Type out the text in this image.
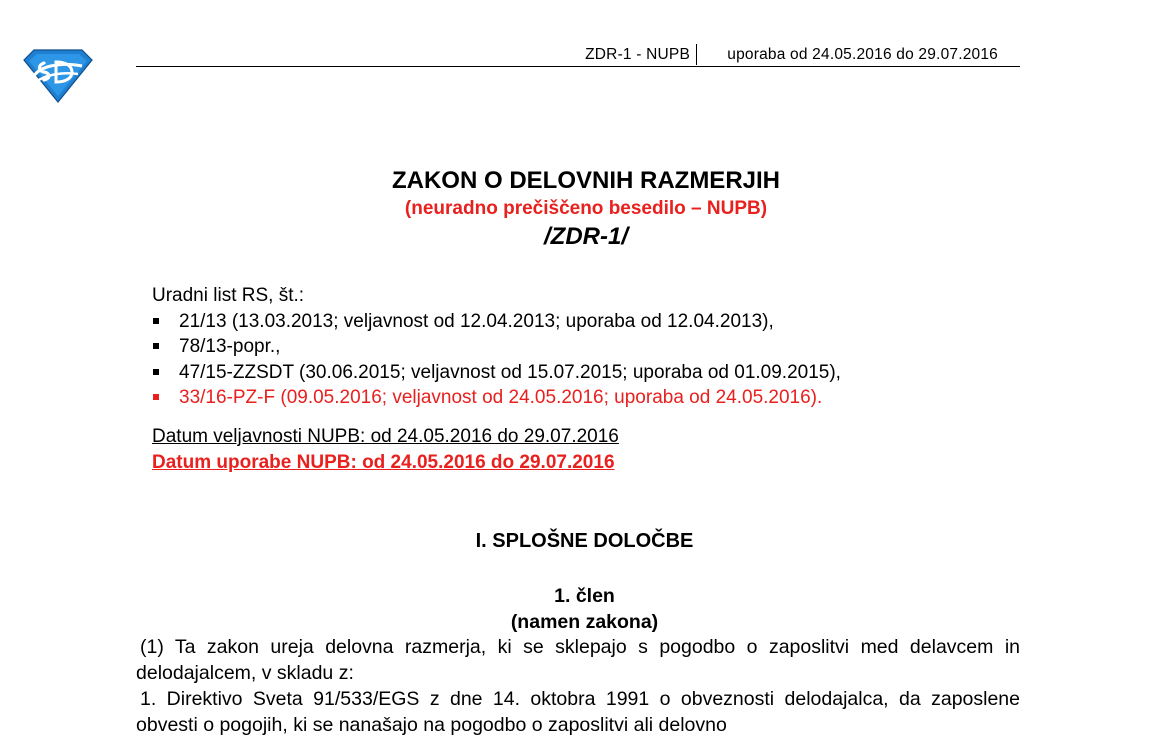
ZDR-1 - NUPB uporaba od 24.05.2016 do 29.07.2016
ZAKON O DELOVNIH RAZMERJIH
(neuradno prečiščeno besedilo – NUPB)
/ZDR-1/
Uradni list RS, št.:
21/13 (13.03.2013; veljavnost od 12.04.2013; uporaba od 12.04.2013),
78/13-popr.,
47/15-ZZSDT (30.06.2015; veljavnost od 15.07.2015; uporaba od 01.09.2015),
33/16-PZ-F (09.05.2016; veljavnost od 24.05.2016; uporaba od 24.05.2016).
Datum veljavnosti NUPB: od 24.05.2016 do 29.07.2016
Datum uporabe NUPB: od 24.05.2016 do 29.07.2016
I. SPLOŠNE DOLOČBE
1. člen
(namen zakona)

(1) Ta zakon ureja delovna razmerja, ki se sklepajo s pogodbo o zaposlitvi med delavcem in delodajalcem, v skladu z:

1. Direktivo Sveta 91/533/EGS z dne 14. oktobra 1991 o obveznosti delodajalca, da zaposlene obvesti o pogojih, ki se nanašajo na pogodbo o zaposlitvi ali delovno
